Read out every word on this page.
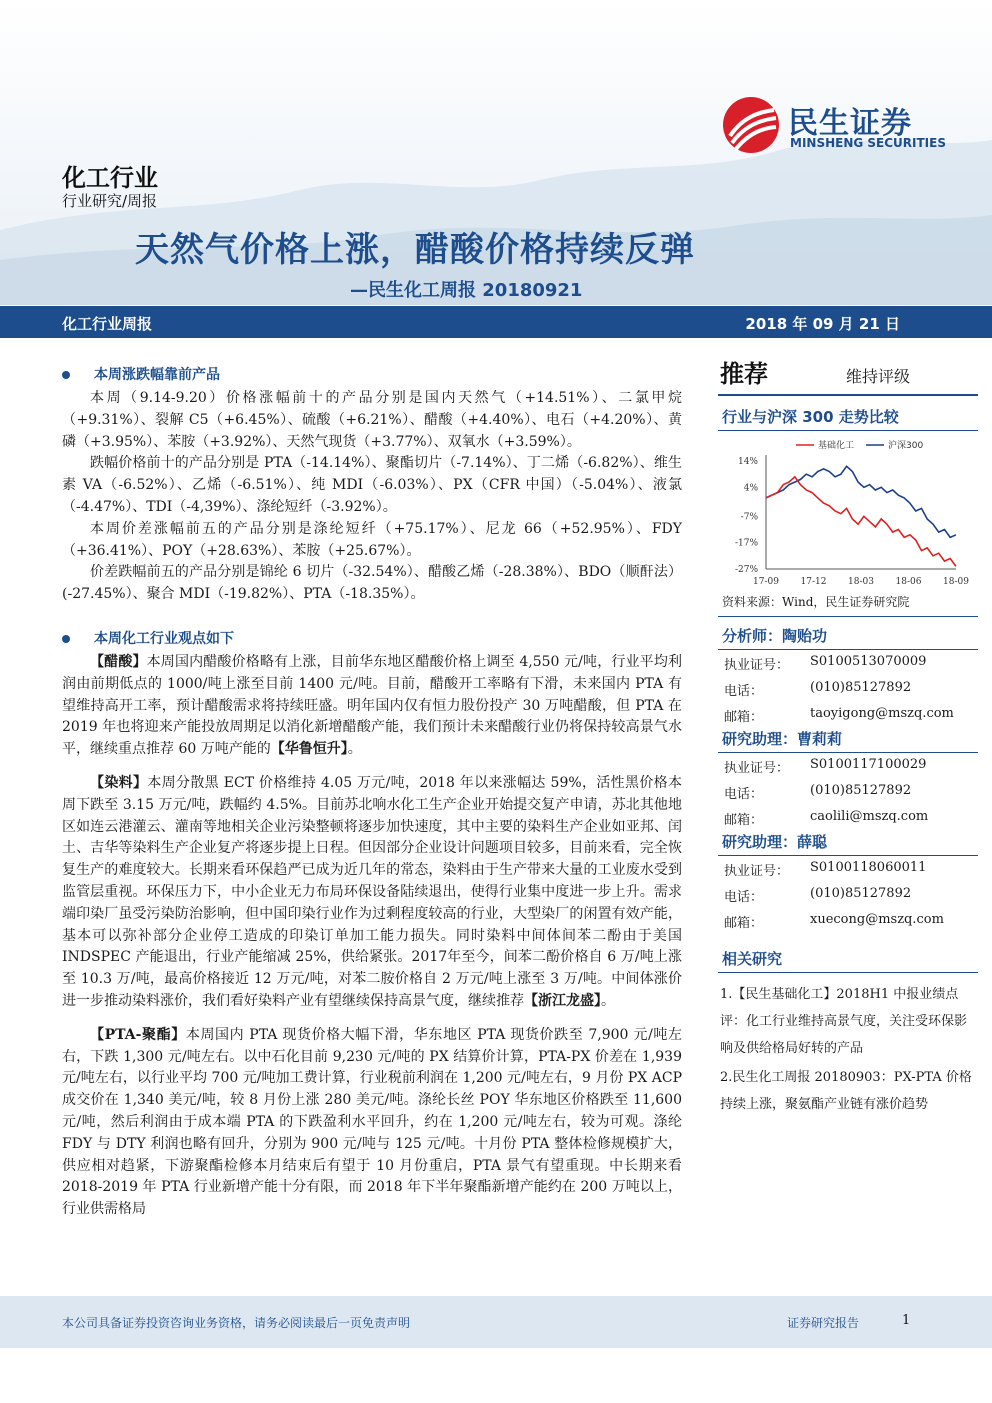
民生证券
MINSHENG SECURITIES
化工行业
行业研究/周报
天然气价格上涨，醋酸价格持续反弹
—民生化工周报 20180921
化工行业周报	2018 年 09 月 21 日
本周涨跌幅靠前产品
本周（9.14-9.20）价格涨幅前十的产品分别是国内天然气（+14.51%）、二氯甲烷（+9.31%）、裂解 C5（+6.45%）、硫酸（+6.21%）、醋酸（+4.40%）、电石（+4.20%）、黄磷（+3.95%）、苯胺（+3.92%）、天然气现货（+3.77%）、双氧水（+3.59%）。
跌幅价格前十的产品分别是 PTA（-14.14%）、聚酯切片（-7.14%）、丁二烯（-6.82%）、维生素 VA（-6.52%）、乙烯（-6.51%）、纯 MDI（-6.03%）、PX（CFR 中国）（-5.04%）、液氯（-4.47%）、TDI（-4,39%）、涤纶短纤（-3.92%）。
本周价差涨幅前五的产品分别是涤纶短纤（+75.17%）、尼龙 66（+52.95%）、FDY（+36.41%）、POY（+28.63%）、苯胺（+25.67%）。
价差跌幅前五的产品分别是锦纶 6 切片（-32.54%）、醋酸乙烯（-28.38%）、BDO（顺酐法）(-27.45%）、聚合 MDI（-19.82%）、PTA（-18.35%）。
本周化工行业观点如下
【醋酸】本周国内醋酸价格略有上涨，目前华东地区醋酸价格上调至 4,550 元/吨，行业平均利润由前期低点的 1000/吨上涨至目前 1400 元/吨。目前，醋酸开工率略有下滑，未来国内 PTA 有望维持高开工率，预计醋酸需求将持续旺盛。明年国内仅有恒力股份投产 30 万吨醋酸，但 PTA 在 2019 年也将迎来产能投放周期足以消化新增醋酸产能，我们预计未来醋酸行业仍将保持较高景气水平，继续重点推荐 60 万吨产能的【华鲁恒升】。
【染料】本周分散黑 ECT 价格维持 4.05 万元/吨，2018 年以来涨幅达 59%，活性黑价格本周下跌至 3.15 万元/吨，跌幅约 4.5%。目前苏北响水化工生产企业开始提交复产申请，苏北其他地区如连云港灌云、灌南等地相关企业污染整顿将逐步加快速度，其中主要的染料生产企业如亚邦、闰土、吉华等染料生产企业复产将逐步提上日程。但因部分企业设计问题项目较多，目前来看，完全恢复生产的难度较大。长期来看环保趋严已成为近几年的常态，染料由于生产带来大量的工业废水受到监管层重视。环保压力下，中小企业无力布局环保设备陆续退出，使得行业集中度进一步上升。需求端印染厂虽受污染防治影响，但中国印染行业作为过剩程度较高的行业，大型染厂的闲置有效产能，基本可以弥补部分企业停工造成的印染订单加工能力损失。同时染料中间体间苯二酚由于美国 INDSPEC 产能退出，行业产能缩减 25%，供给紧张。2017年至今，间苯二酚价格自 6 万/吨上涨至 10.3 万/吨，最高价格接近 12 万元/吨，对苯二胺价格自 2 万元/吨上涨至 3 万/吨。中间体涨价进一步推动染料涨价，我们看好染料产业有望继续保持高景气度，继续推荐【浙江龙盛】。
【PTA-聚酯】本周国内 PTA 现货价格大幅下滑，华东地区 PTA 现货价跌至 7,900 元/吨左右，下跌 1,300 元/吨左右。以中石化目前 9,230 元/吨的 PX 结算价计算，PTA-PX 价差在 1,939 元/吨左右，以行业平均 700 元/吨加工费计算，行业税前利润在 1,200 元/吨左右，9 月份 PX ACP 成交价在 1,340 美元/吨，较 8 月份上涨 280 美元/吨。涤纶长丝 POY 华东地区价格跌至 11,600 元/吨，然后利润由于成本端 PTA 的下跌盈利水平回升，约在 1,200 元/吨左右，较为可观。涤纶 FDY 与 DTY 利润也略有回升，分别为 900 元/吨与 125 元/吨。十月份 PTA 整体检修规模扩大，供应相对趋紧，下游聚酯检修本月结束后有望于 10 月份重启，PTA 景气有望重现。中长期来看 2018-2019 年 PTA 行业新增产能十分有限，而 2018 年下半年聚酯新增产能约在 200 万吨以上，行业供需格局
推荐	维持评级
行业与沪深 300 走势比较
14%
4%
-7%
-17%
-27%
17-09 17-12 18-03 18-06 18-09
基础化工	沪深300
资料来源：Wind，民生证券研究院
分析师：陶贻功
执业证号： S0100513070009
电话：	(010)85127892
邮箱：	taoyigong@mszq.com
研究助理：曹莉莉
执业证号： S0100117100029
电话：	(010)85127892
邮箱：	caolili@mszq.com
研究助理：薛聪
执业证号： S0100118060011
电话：	(010)85127892
邮箱：	xuecong@mszq.com
相关研究
1.【民生基础化工】2018H1 中报业绩点评：化工行业维持高景气度，关注受环保影响及供给格局好转的产品
2.民生化工周报 20180903：PX-PTA 价格持续上涨，聚氨酯产业链有涨价趋势
本公司具备证券投资咨询业务资格，请务必阅读最后一页免责声明	证券研究报告	1
